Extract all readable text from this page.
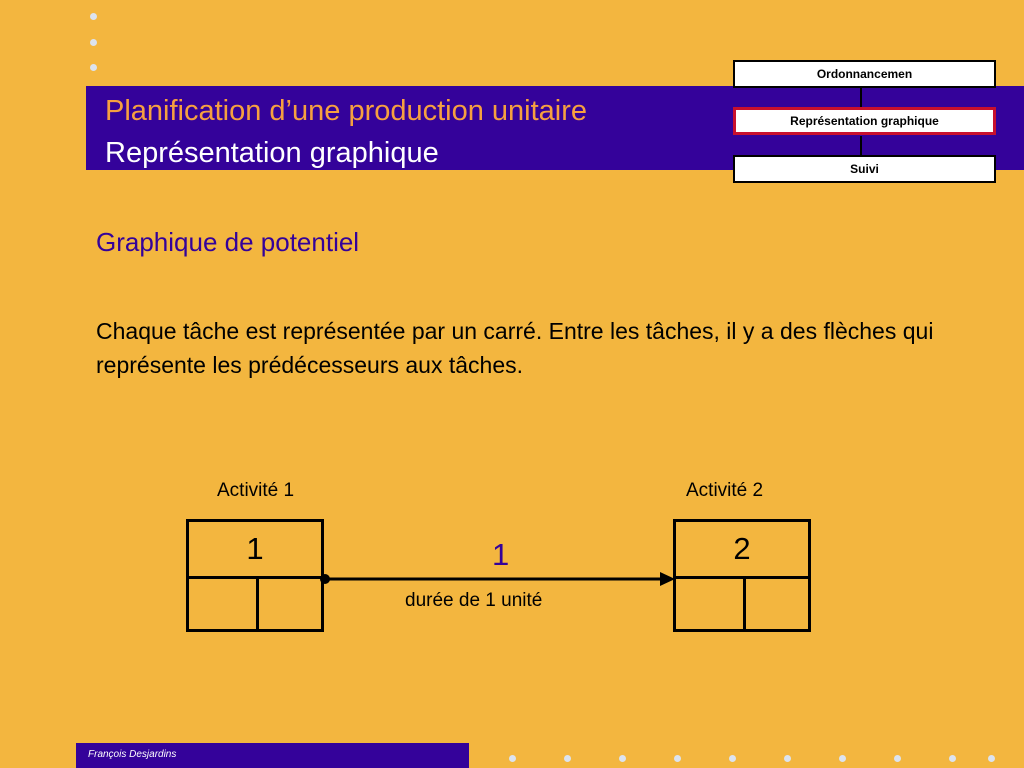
Planification d’une production unitaire
Représentation graphique
Ordonnancemen
Représentation graphique
Suivi
Graphique de potentiel
Chaque tâche est représentée par un carré. Entre les tâches, il y a des flèches qui représente les prédécesseurs aux tâches.
Activité 1	Activité 2
1	2
1
durée de 1 unité
François Desjardins
